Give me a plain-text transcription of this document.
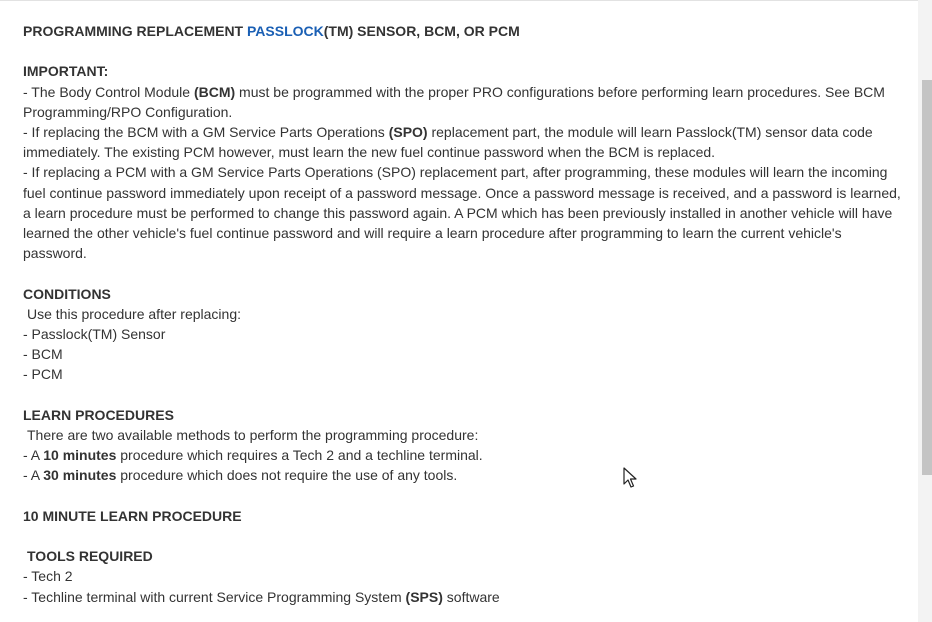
PROGRAMMING REPLACEMENT PASSLOCK(TM) SENSOR, BCM, OR PCM
IMPORTANT:

- The Body Control Module (BCM) must be programmed with the proper PRO configurations before performing learn procedures. See BCM Programming/RPO Configuration.

- If replacing the BCM with a GM Service Parts Operations (SPO) replacement part, the module will learn Passlock(TM) sensor data code immediately. The existing PCM however, must learn the new fuel continue password when the BCM is replaced.

- If replacing a PCM with a GM Service Parts Operations (SPO) replacement part, after programming, these modules will learn the incoming fuel continue password immediately upon receipt of a password message. Once a password message is received, and a password is learned, a learn procedure must be performed to change this password again. A PCM which has been previously installed in another vehicle will have learned the other vehicle's fuel continue password and will require a learn procedure after programming to learn the current vehicle's password.

CONDITIONS
Use this procedure after replacing:
- Passlock(TM) Sensor
- BCM
- PCM
LEARN PROCEDURES
There are two available methods to perform the programming procedure:
- A 10 minutes procedure which requires a Tech 2 and a techline terminal.
- A 30 minutes procedure which does not require the use of any tools.
10 MINUTE LEARN PROCEDURE
TOOLS REQUIRED
- Tech 2
- Techline terminal with current Service Programming System (SPS) software
